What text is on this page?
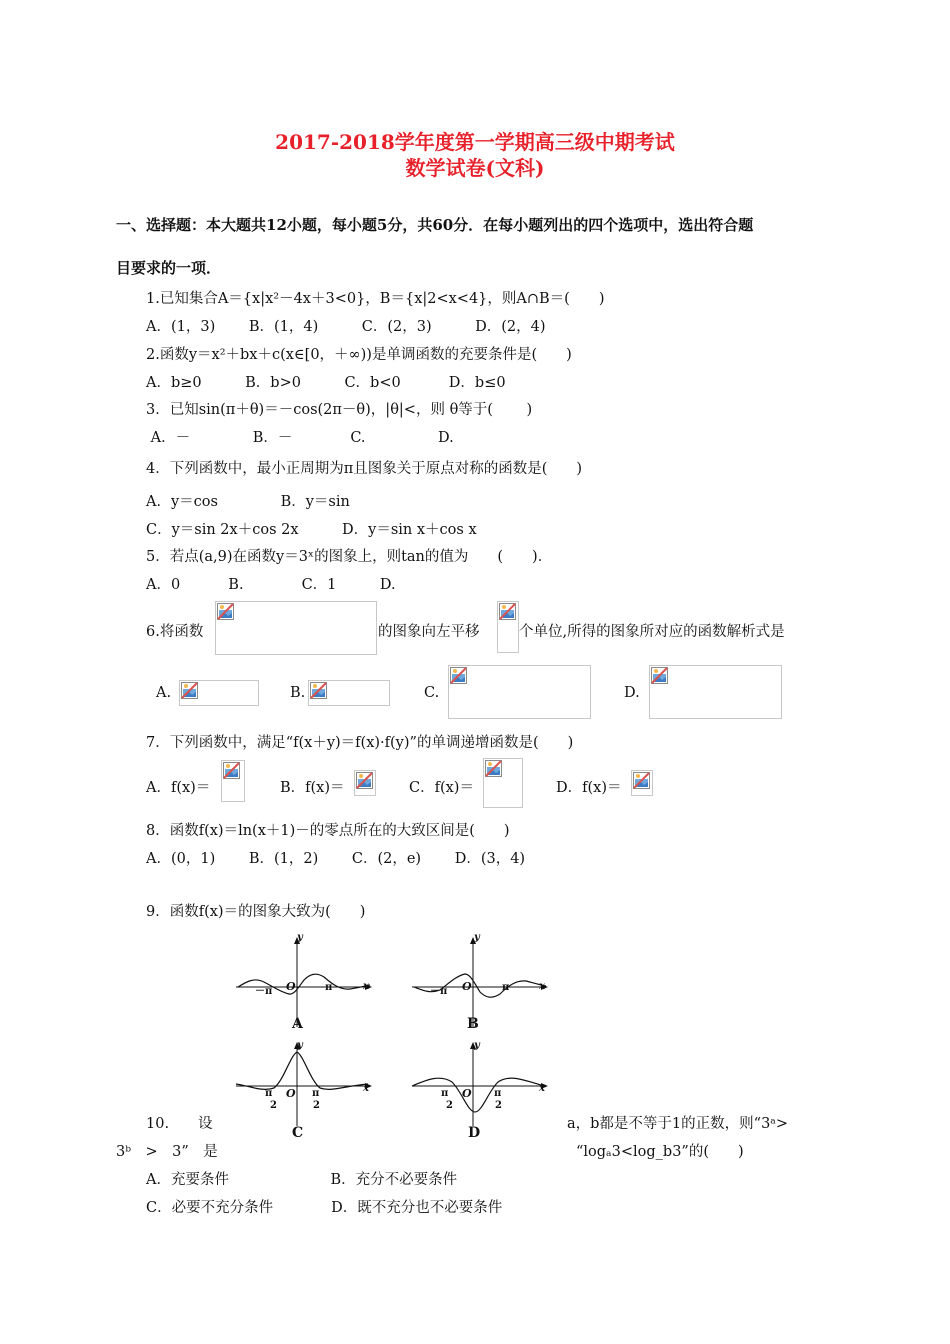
2017-2018学年度第一学期高三级中期考试
数学试卷(文科)
一、选择题：本大题共12小题，每小题5分，共60分．在每小题列出的四个选项中，选出符合题
目要求的一项．
1.已知集合A＝{x|x²－4x＋3<0}，B＝{x|2<x<4}，则A∩B＝(　　)
A．(1，3)　　 B．(1，4)　　　C．(2，3)　　　D．(2，4)
2.函数y＝x²＋bx＋c(x∈[0，＋∞))是单调函数的充要条件是(　　)
A．b≥0　　　B．b>0　　　C．b<0　　　 D．b≤0
3．已知sin(π＋θ)＝－cos(2π－θ)，|θ|<，则 θ等于(　　 )
A．－　　　　 B．－　　　　C.　　　　　D.
4．下列函数中，最小正周期为π且图象关于原点对称的函数是(　　)
A．y＝cos　　　　 B．y＝sin
C．y＝sin 2x＋cos 2x　　　D．y＝sin x＋cos x
5．若点(a,9)在函数y＝3ˣ的图象上，则tan的值为　　(　　)．
A．0　　　 B.　　　　C．1　　　D.
6.将函数	的图象向左平移	个单位,所得的图象所对应的函数解析式是
A.	B.	C.	D.
7．下列函数中，满足“f(x＋y)＝f(x)·f(y)”的单调递增函数是(　　)
A．f(x)＝	B．f(x)＝	C．f(x)＝	D．f(x)＝
8．函数f(x)＝ln(x＋1)－的零点所在的大致区间是(　　)
A．(0，1)　　 B．(1，2)　　 C．(2，e)　　 D．(3，4)
9．函数f(x)＝的图象大致为(　　)
y
x
O
－π	π
A
y
x
O
－π	π
B
y
x
O
π
2
π
2
C
y
x
O
π
2
π
2
D
10.　　设	a，b都是不等于1的正数，则“3ᵃ>
3ᵇ　>　3”　是	“logₐ3<log_b3”的(　　)
A．充要条件　　　　　　　B．充分不必要条件
C．必要不充分条件　　　　D．既不充分也不必要条件
